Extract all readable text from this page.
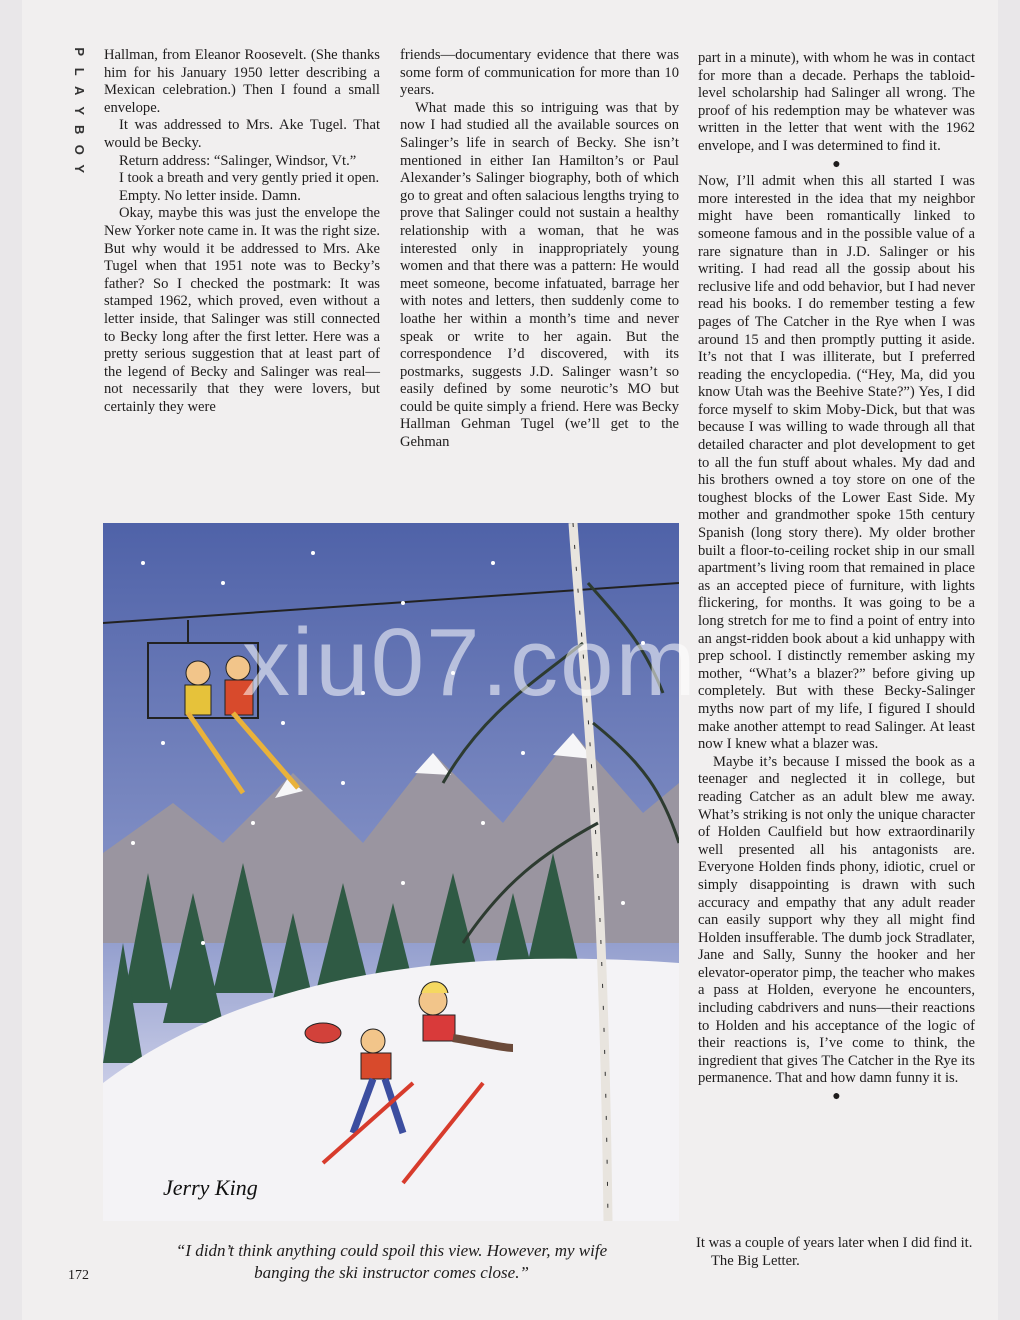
P
L
A
Y
B
O
Y

Hallman, from Eleanor Roosevelt. (She thanks him for his January 1950 letter describing a Mexican celebration.) Then I found a small envelope.

It was addressed to Mrs. Ake Tugel. That would be Becky.

Return address: “Salinger, Windsor, Vt.”

I took a breath and very gently pried it open.

Empty. No letter inside. Damn.

Okay, maybe this was just the envelope the New Yorker note came in. It was the right size. But why would it be addressed to Mrs. Ake Tugel when that 1951 note was to Becky’s father? So I checked the postmark: It was stamped 1962, which proved, even without a letter inside, that Salinger was still connected to Becky long after the first letter. Here was a pretty serious suggestion that at least part of the legend of Becky and Salinger was real—not necessarily that they were lovers, but certainly they were

friends—documentary evidence that there was some form of communication for more than 10 years.

What made this so intriguing was that by now I had studied all the available sources on Salinger’s life in search of Becky. She isn’t mentioned in either Ian Hamilton’s or Paul Alexander’s Salinger biography, both of which go to great and often salacious lengths trying to prove that Salinger could not sustain a healthy relationship with a woman, that he was interested only in inappropriately young women and that there was a pattern: He would meet someone, become infatuated, barrage her with notes and letters, then suddenly come to loathe her within a month’s time and never speak or write to her again. But the correspondence I’d discovered, with its postmarks, suggests J.D. Salinger wasn’t so easily defined by some neurotic’s MO but could be quite simply a friend. Here was Becky Hallman Gehman Tugel (we’ll get to the Gehman

part in a minute), with whom he was in contact for more than a decade. Perhaps the tabloid-level scholarship had Salinger all wrong. The proof of his redemption may be whatever was written in the letter that went with the 1962 envelope, and I was determined to find it.

●

Now, I’ll admit when this all started I was more interested in the idea that my neighbor might have been romantically linked to someone famous and in the possible value of a rare signature than in J.D. Salinger or his writing. I had read all the gossip about his reclusive life and odd behavior, but I had never read his books. I do remember testing a few pages of The Catcher in the Rye when I was around 15 and then promptly putting it aside. It’s not that I was illiterate, but I preferred reading the encyclopedia. (“Hey, Ma, did you know Utah was the Beehive State?”) Yes, I did force myself to skim Moby-Dick, but that was because I was willing to wade through all that detailed character and plot development to get to all the fun stuff about whales. My dad and his brothers owned a toy store on one of the toughest blocks of the Lower East Side. My mother and grandmother spoke 15th century Spanish (long story there). My older brother built a floor-to-ceiling rocket ship in our small apartment’s living room that remained in place as an accepted piece of furniture, with lights flickering, for months. It was going to be a long stretch for me to find a point of entry into an angst-ridden book about a kid unhappy with prep school. I distinctly remember asking my mother, “What’s a blazer?” before giving up completely. But with these Becky-Salinger myths now part of my life, I figured I should make another attempt to read Salinger. At least now I knew what a blazer was.

Maybe it’s because I missed the book as a teenager and neglected it in college, but reading Catcher as an adult blew me away. What’s striking is not only the unique character of Holden Caulfield but how extraordinarily well presented all his antagonists are. Everyone Holden finds phony, idiotic, cruel or simply disappointing is drawn with such accuracy and empathy that any adult reader can easily support why they all might find Holden insufferable. The dumb jock Stradlater, Jane and Sally, Sunny the hooker and her elevator-operator pimp, the teacher who makes a pass at Holden, everyone he encounters, including cabdrivers and nuns—their reactions to Holden and his acceptance of the logic of their reactions is, I’ve come to think, the ingredient that gives The Catcher in the Rye its permanence. That and how damn funny it is.

●

Jerry King
xiu07.com
“I didn’t think anything could spoil this view. However, my wife
banging the ski instructor comes close.”

It was a couple of years later when I did find it.

The Big Letter.

172
